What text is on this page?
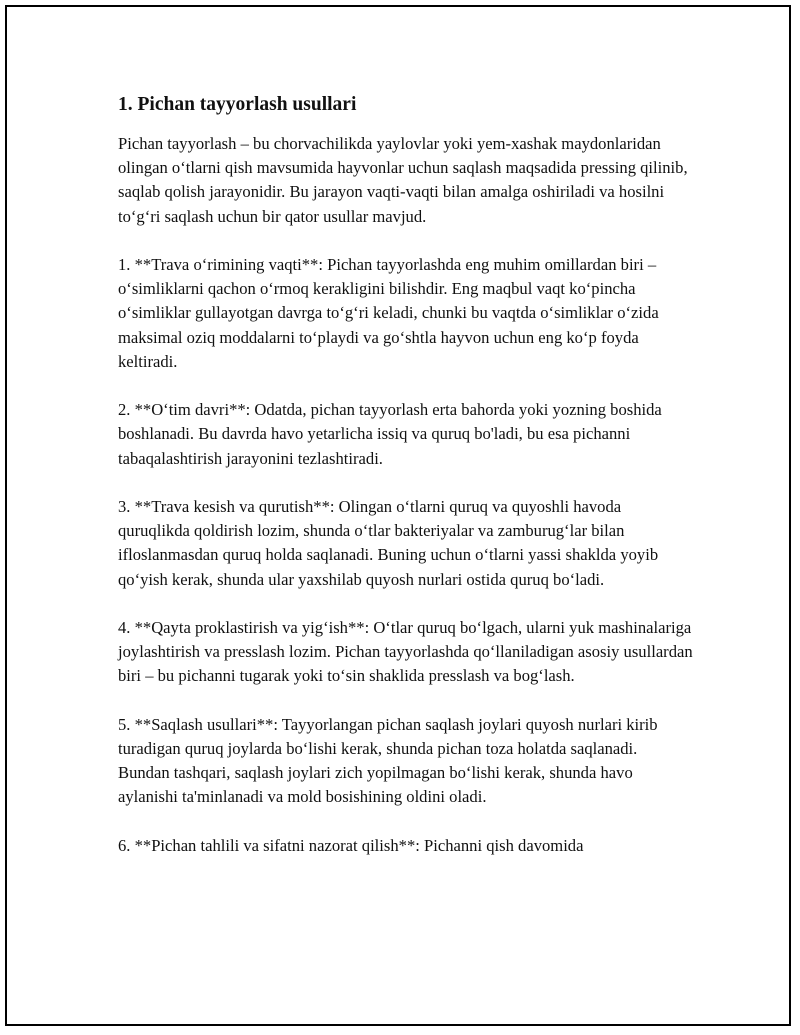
1. Pichan tayyorlash usullari

Pichan tayyorlash – bu chorvachilikda yaylovlar yoki yem-xashak maydonlaridan olingan o‘tlarni qish mavsumida hayvonlar uchun saqlash maqsadida pressing qilinib, saqlab qolish jarayonidir. Bu jarayon vaqti-vaqti bilan amalga oshiriladi va hosilni to‘g‘ri saqlash uchun bir qator usullar mavjud.

1. **Trava o‘rimining vaqti**: Pichan tayyorlashda eng muhim omillardan biri – o‘simliklarni qachon o‘rmoq kerakligini bilishdir. Eng maqbul vaqt ko‘pincha o‘simliklar gullayotgan davrga to‘g‘ri keladi, chunki bu vaqtda o‘simliklar o‘zida maksimal oziq moddalarni to‘playdi va go‘shtla hayvon uchun eng ko‘p foyda keltiradi.

2. **O‘tim davri**: Odatda, pichan tayyorlash erta bahorda yoki yozning boshida boshlanadi. Bu davrda havo yetarlicha issiq va quruq bo'ladi, bu esa pichanni tabaqalashtirish jarayonini tezlashtiradi.

3. **Trava kesish va qurutish**: Olingan o‘tlarni quruq va quyoshli havoda quruqlikda qoldirish lozim, shunda o‘tlar bakteriyalar va zamburug‘lar bilan ifloslanmasdan quruq holda saqlanadi. Buning uchun o‘tlarni yassi shaklda yoyib qo‘yish kerak, shunda ular yaxshilab quyosh nurlari ostida quruq bo‘ladi.

4. **Qayta proklastirish va yig‘ish**: O‘tlar quruq bo‘lgach, ularni yuk mashinalariga joylashtirish va presslash lozim. Pichan tayyorlashda qo‘llaniladigan asosiy usullardan biri – bu pichanni tugarak yoki to‘sin shaklida presslash va bog‘lash.

5. **Saqlash usullari**: Tayyorlangan pichan saqlash joylari quyosh nurlari kirib turadigan quruq joylarda bo‘lishi kerak, shunda pichan toza holatda saqlanadi. Bundan tashqari, saqlash joylari zich yopilmagan bo‘lishi kerak, shunda havo aylanishi ta'minlanadi va mold bosishining oldini oladi.

6. **Pichan tahlili va sifatni nazorat qilish**: Pichanni qish davomida
